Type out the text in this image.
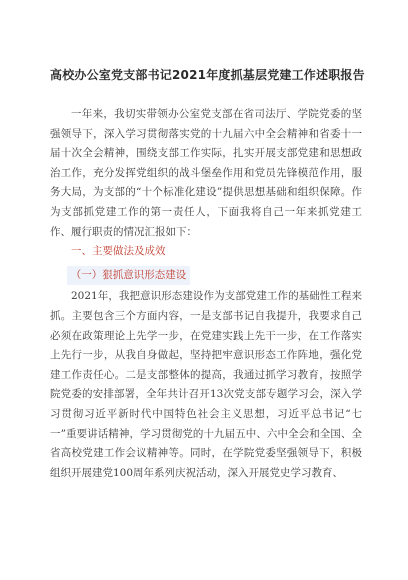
高校办公室党支部书记2021年度抓基层党建工作述职报告

一年来，我切实带领办公室党支部在省司法厅、学院党委的坚强领导下，深入学习贯彻落实党的十九届六中全会精神和省委十一届十次全会精神，围绕支部工作实际，扎实开展支部党建和思想政治工作，充分发挥党组织的战斗堡垒作用和党员先锋模范作用，服务大局，为支部的“十个标准化建设”提供思想基础和组织保障。作为支部抓党建工作的第一责任人，下面我将自己一年来抓党建工作、履行职责的情况汇报如下：

一、主要做法及成效

（一）狠抓意识形态建设

2021年，我把意识形态建设作为支部党建工作的基础性工程来抓。主要包含三个方面内容，一是支部书记自我提升，我要求自己必须在政策理论上先学一步，在党建实践上先干一步，在工作落实上先行一步，从我自身做起，坚持把牢意识形态工作阵地，强化党建工作责任心。二是支部整体的提高，我通过抓学习教育，按照学院党委的安排部署，全年共计召开13次党支部专题学习会，深入学习贯彻习近平新时代中国特色社会主义思想，习近平总书记“七一”重要讲话精神，学习贯彻党的十九届五中、六中全会和全国、全省高校党建工作会议精神等。同时，在学院党委坚强领导下，积极组织开展建党100周年系列庆祝活动，深入开展党史学习教育、
